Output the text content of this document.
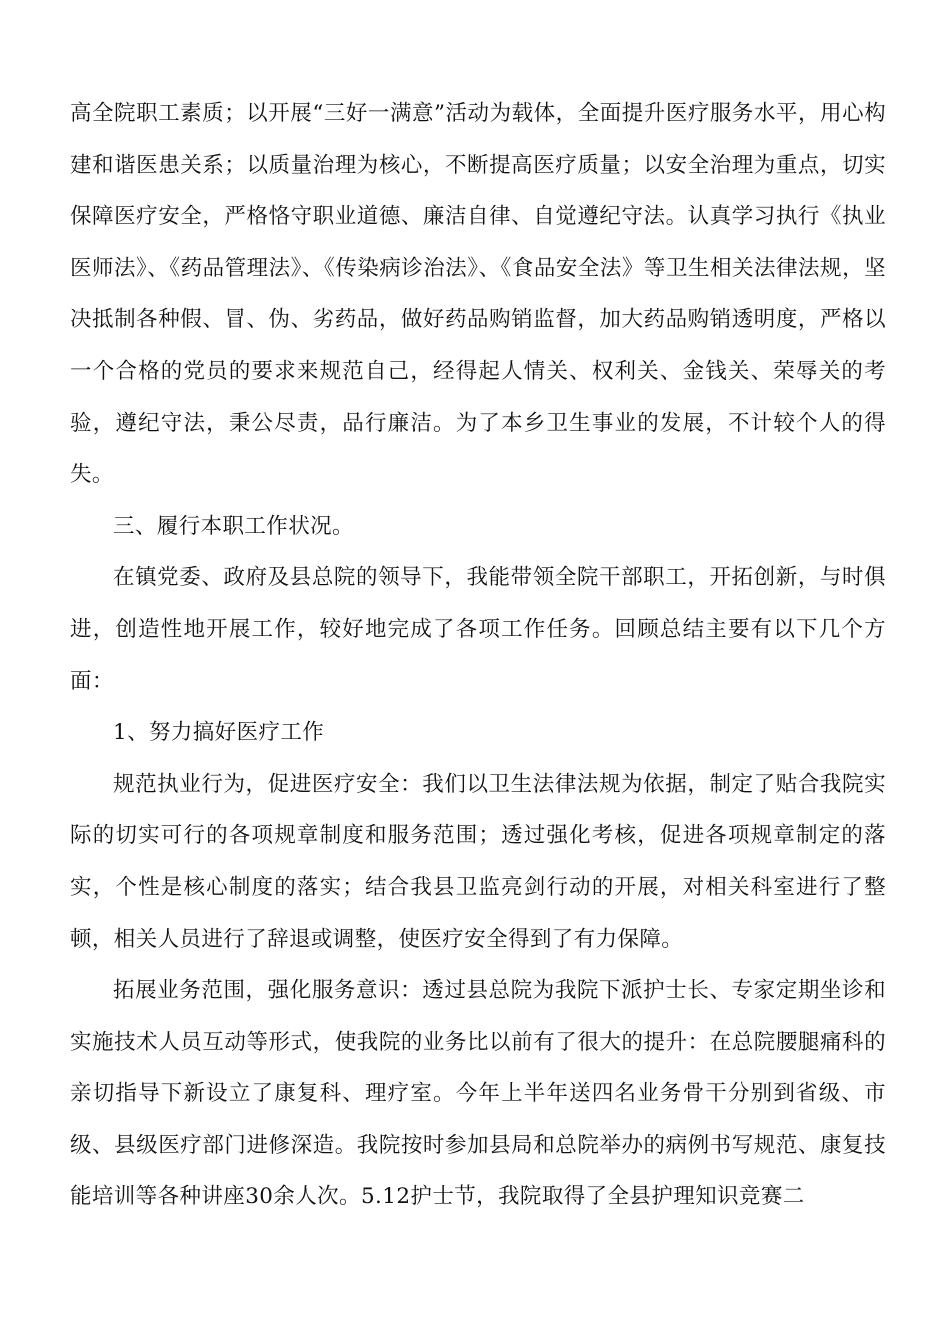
高全院职工素质；以开展“三好一满意”活动为载体，全面提升医疗服务水平，用心构建和谐医患关系；以质量治理为核心，不断提高医疗质量；以安全治理为重点，切实保障医疗安全，严格恪守职业道德、廉洁自律、自觉遵纪守法。认真学习执行《执业医师法》、《药品管理法》、《传染病诊治法》、《食品安全法》等卫生相关法律法规，坚决抵制各种假、冒、伪、劣药品，做好药品购销监督，加大药品购销透明度，严格以一个合格的党员的要求来规范自己，经得起人情关、权利关、金钱关、荣辱关的考验，遵纪守法，秉公尽责，品行廉洁。为了本乡卫生事业的发展，不计较个人的得失。

三、履行本职工作状况。

在镇党委、政府及县总院的领导下，我能带领全院干部职工，开拓创新，与时俱进，创造性地开展工作，较好地完成了各项工作任务。回顾总结主要有以下几个方面：

1、努力搞好医疗工作

规范执业行为，促进医疗安全：我们以卫生法律法规为依据，制定了贴合我院实际的切实可行的各项规章制度和服务范围；透过强化考核，促进各项规章制定的落实，个性是核心制度的落实；结合我县卫监亮剑行动的开展，对相关科室进行了整顿，相关人员进行了辞退或调整，使医疗安全得到了有力保障。

拓展业务范围，强化服务意识：透过县总院为我院下派护士长、专家定期坐诊和实施技术人员互动等形式，使我院的业务比以前有了很大的提升：在总院腰腿痛科的亲切指导下新设立了康复科、理疗室。今年上半年送四名业务骨干分别到省级、市级、县级医疗部门进修深造。我院按时参加县局和总院举办的病例书写规范、康复技能培训等各种讲座30余人次。5.12护士节，我院取得了全县护理知识竞赛二
